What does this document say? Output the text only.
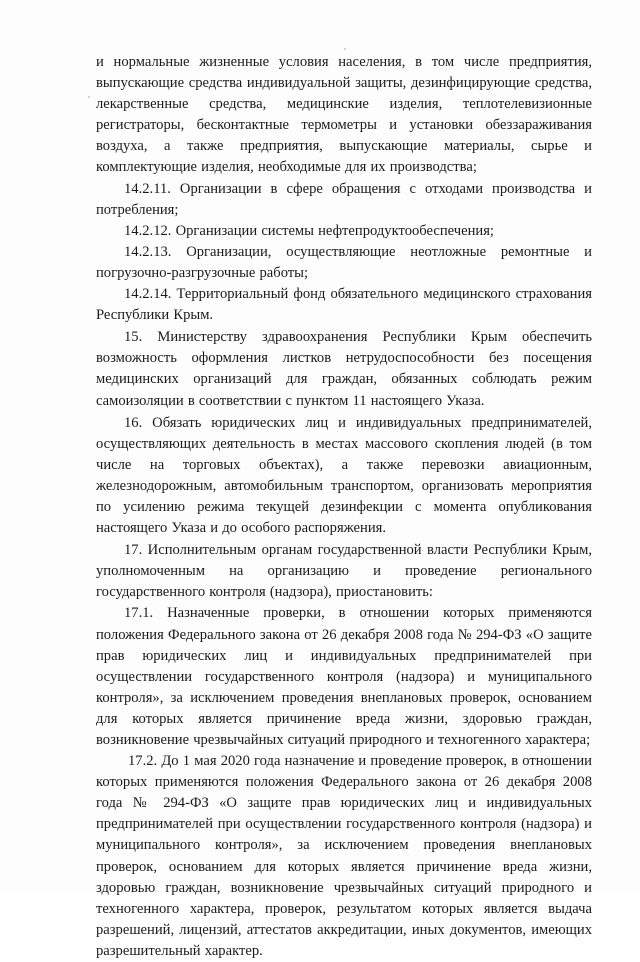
и нормальные жизненные условия населения, в том числе предприятия, выпускающие средства индивидуальной защиты, дезинфицирующие средства, лекарственные средства, медицинские изделия, теплотелевизионные регистраторы, бесконтактные термометры и установки обеззараживания воздуха, а также предприятия, выпускающие материалы, сырье и комплектующие изделия, необходимые для их производства;

14.2.11. Организации в сфере обращения с отходами производства и потребления;

14.2.12. Организации системы нефтепродуктообеспечения;

14.2.13. Организации, осуществляющие неотложные ремонтные и погрузочно-разгрузочные работы;

14.2.14. Территориальный фонд обязательного медицинского страхования Республики Крым.

15. Министерству здравоохранения Республики Крым обеспечить возможность оформления листков нетрудоспособности без посещения медицинских организаций для граждан, обязанных соблюдать режим самоизоляции в соответствии с пунктом 11 настоящего Указа.

16. Обязать юридических лиц и индивидуальных предпринимателей, осуществляющих деятельность в местах массового скопления людей (в том числе на торговых объектах), а также перевозки авиационным, железнодорожным, автомобильным транспортом, организовать мероприятия по усилению режима текущей дезинфекции с момента опубликования настоящего Указа и до особого распоряжения.

17. Исполнительным органам государственной власти Республики Крым, уполномоченным на организацию и проведение регионального государственного контроля (надзора), приостановить:

17.1. Назначенные проверки, в отношении которых применяются положения Федерального закона от 26 декабря 2008 года № 294-ФЗ «О защите прав юридических лиц и индивидуальных предпринимателей при осуществлении государственного контроля (надзора) и муниципального контроля», за исключением проведения внеплановых проверок, основанием для которых является причинение вреда жизни, здоровью граждан, возникновение чрезвычайных ситуаций природного и техногенного характера;

17.2. До 1 мая 2020 года назначение и проведение проверок, в отношении которых применяются положения Федерального закона от 26 декабря 2008 года № 294-ФЗ «О защите прав юридических лиц и индивидуальных предпринимателей при осуществлении государственного контроля (надзора) и муниципального контроля», за исключением проведения внеплановых проверок, основанием для которых является причинение вреда жизни, здоровью граждан, возникновение чрезвычайных ситуаций природного и техногенного характера, проверок, результатом которых является выдача разрешений, лицензий, аттестатов аккредитации, иных документов, имеющих разрешительный характер.
